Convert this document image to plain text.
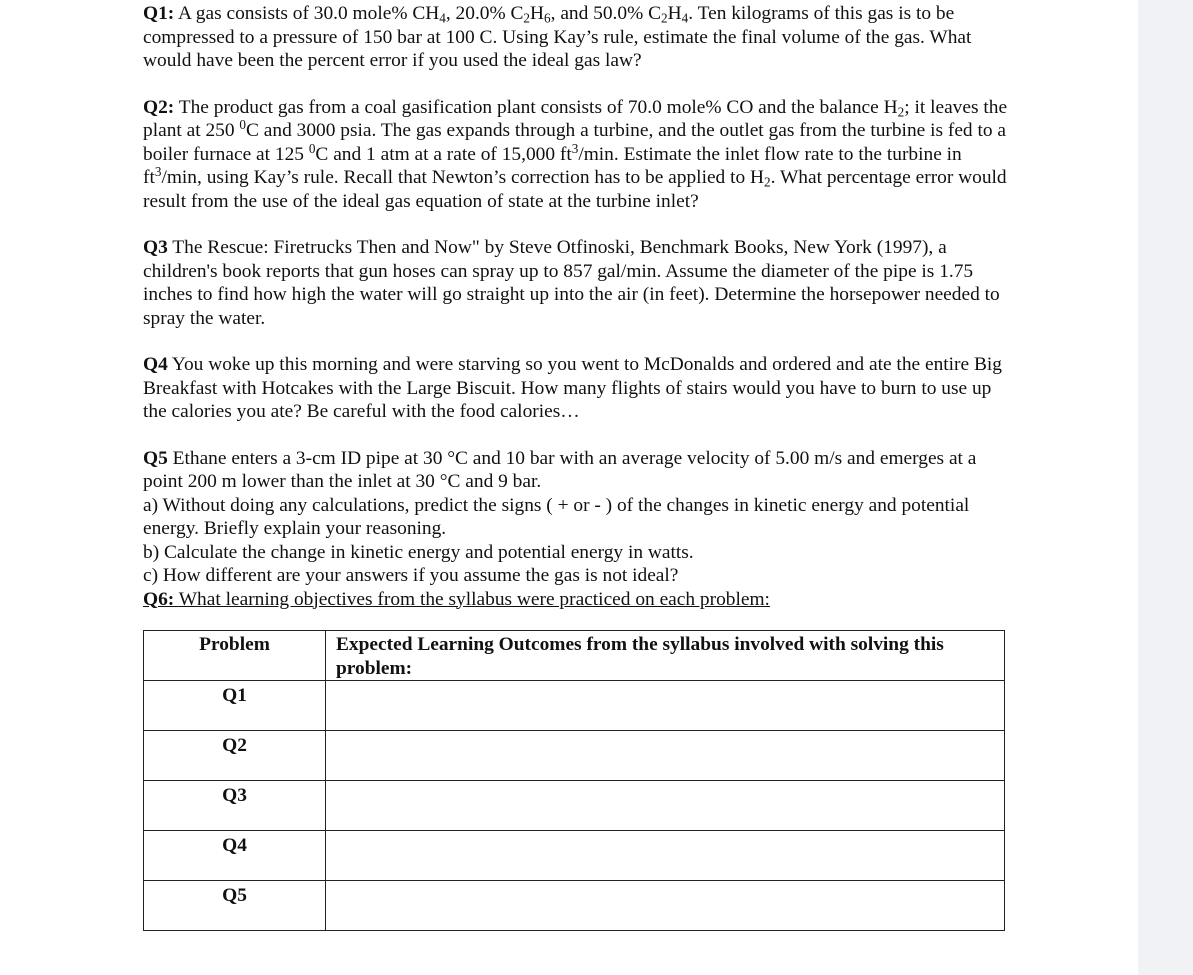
Q1: A gas consists of 30.0 mole% $CH_4$, 20.0% $C_2H_6$, and 50.0% $C_2H_4$. Ten kilograms of this gas is to be compressed to a pressure of 150 bar at 100 C. Using Kay’s rule, estimate the final volume of the gas. What would have been the percent error if you used the ideal gas law?

Q2: The product gas from a coal gasification plant consists of 70.0 mole% CO and the balance $H_2$; it leaves the plant at 250 $^0$C and 3000 psia. The gas expands through a turbine, and the outlet gas from the turbine is fed to a boiler furnace at 125 $^0$C and 1 atm at a rate of 15,000 $ft^3/\min$. Estimate the inlet flow rate to the turbine in $ft^3/\min$, using Kay’s rule. Recall that Newton’s correction has to be applied to $H_2$. What percentage error would result from the use of the ideal gas equation of state at the turbine inlet?

Q3 The Rescue: Firetrucks Then and Now" by Steve Otfinoski, Benchmark Books, New York (1997), a children's book reports that gun hoses can spray up to 857 gal/min. Assume the diameter of the pipe is 1.75 inches to find how high the water will go straight up into the air (in feet). Determine the horsepower needed to spray the water.

Q4 You woke up this morning and were starving so you went to McDonalds and ordered and ate the entire Big Breakfast with Hotcakes with the Large Biscuit. How many flights of stairs would you have to burn to use up the calories you ate? Be careful with the food calories…

Q5 Ethane enters a 3-cm ID pipe at 30 °C and 10 bar with an average velocity of 5.00 m/s and emerges at a point 200 m lower than the inlet at 30 °C and 9 bar.
a) Without doing any calculations, predict the signs ( + or - ) of the changes in kinetic energy and potential energy. Briefly explain your reasoning.
b) Calculate the change in kinetic energy and potential energy in watts.
c) How different are your answers if you assume the gas is not ideal?

Q6: What learning objectives from the syllabus were practiced on each problem:

Problem	Expected Learning Outcomes from the syllabus involved with solving this problem:
Q1	
Q2	
Q3	
Q4	
Q5	
